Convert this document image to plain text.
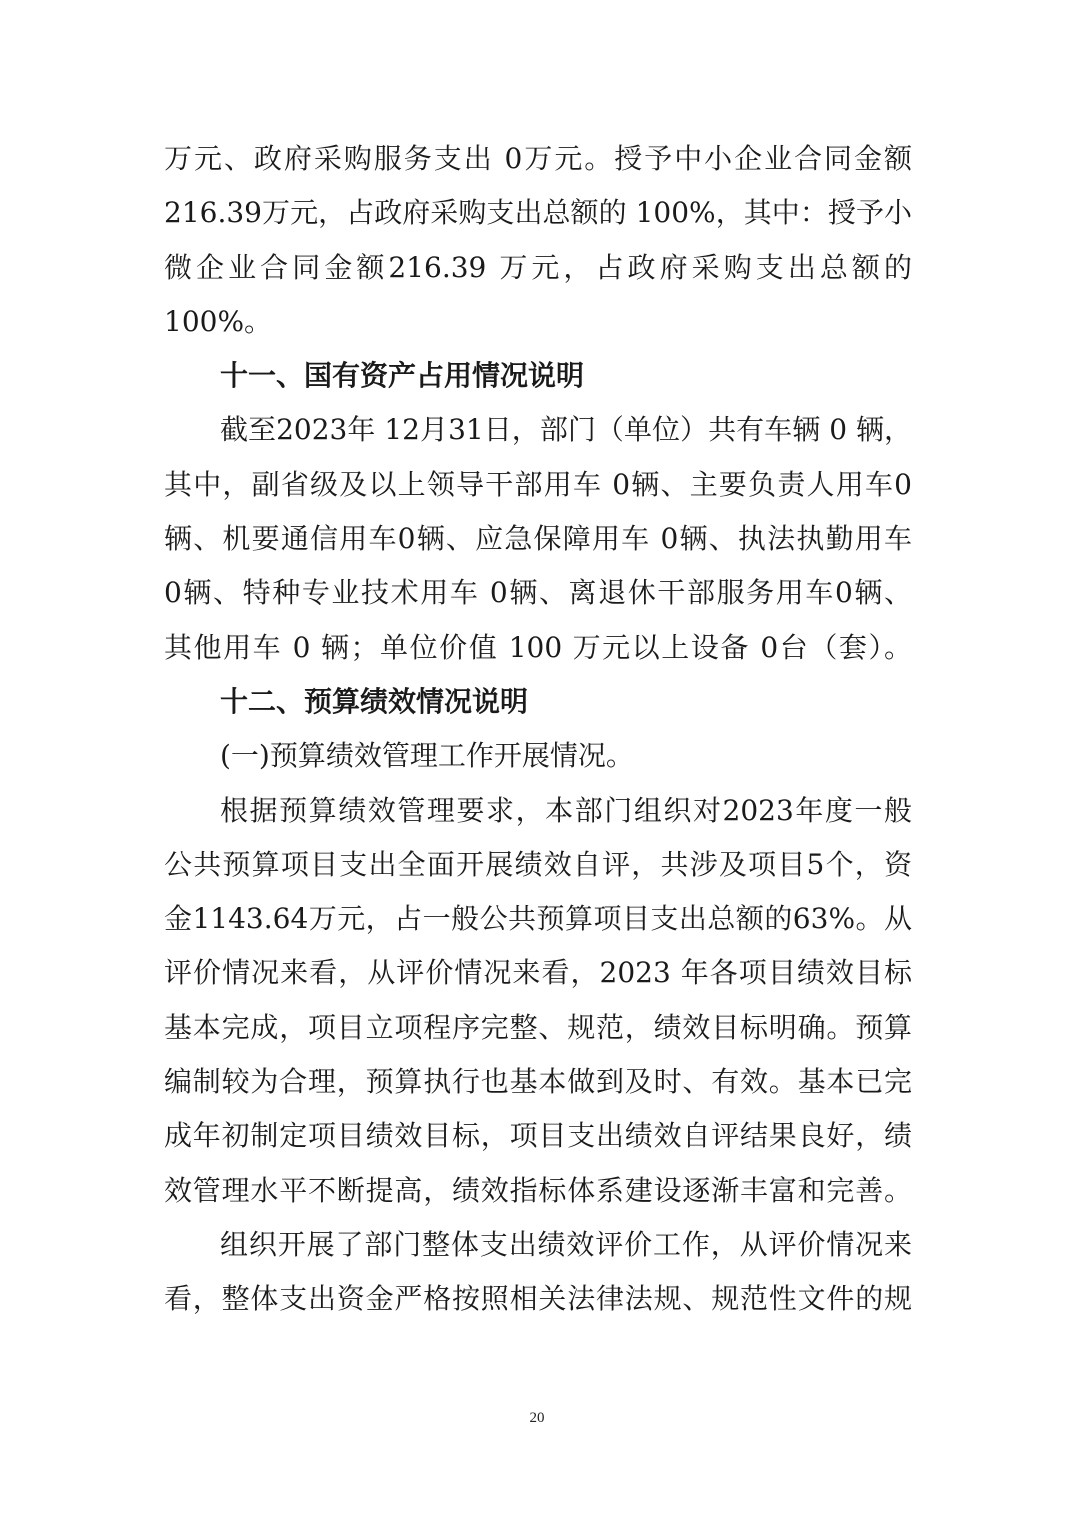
万元、政府采购服务支出 0万元。授予中小企业合同金额
216.39万元，占政府采购支出总额的 100%，其中：授予小
微企业合同金额216.39 万元，占政府采购支出总额的
100%。
十一、国有资产占用情况说明
截至2023年 12月31日，部门（单位）共有车辆 0 辆，
其中，副省级及以上领导干部用车 0辆、主要负责人用车0
辆、机要通信用车0辆、应急保障用车 0辆、执法执勤用车
0辆、特种专业技术用车 0辆、离退休干部服务用车0辆、
其他用车 0 辆；单位价值 100 万元以上设备 0台（套）。
十二、预算绩效情况说明
(一)预算绩效管理工作开展情况。
根据预算绩效管理要求，本部门组织对2023年度一般
公共预算项目支出全面开展绩效自评，共涉及项目5个，资
金1143.64万元，占一般公共预算项目支出总额的63%。从
评价情况来看，从评价情况来看，2023 年各项目绩效目标
基本完成，项目立项程序完整、规范，绩效目标明确。预算
编制较为合理，预算执行也基本做到及时、有效。基本已完
成年初制定项目绩效目标，项目支出绩效自评结果良好，绩
效管理水平不断提高，绩效指标体系建设逐渐丰富和完善。
组织开展了部门整体支出绩效评价工作，从评价情况来
看，整体支出资金严格按照相关法律法规、规范性文件的规
20
